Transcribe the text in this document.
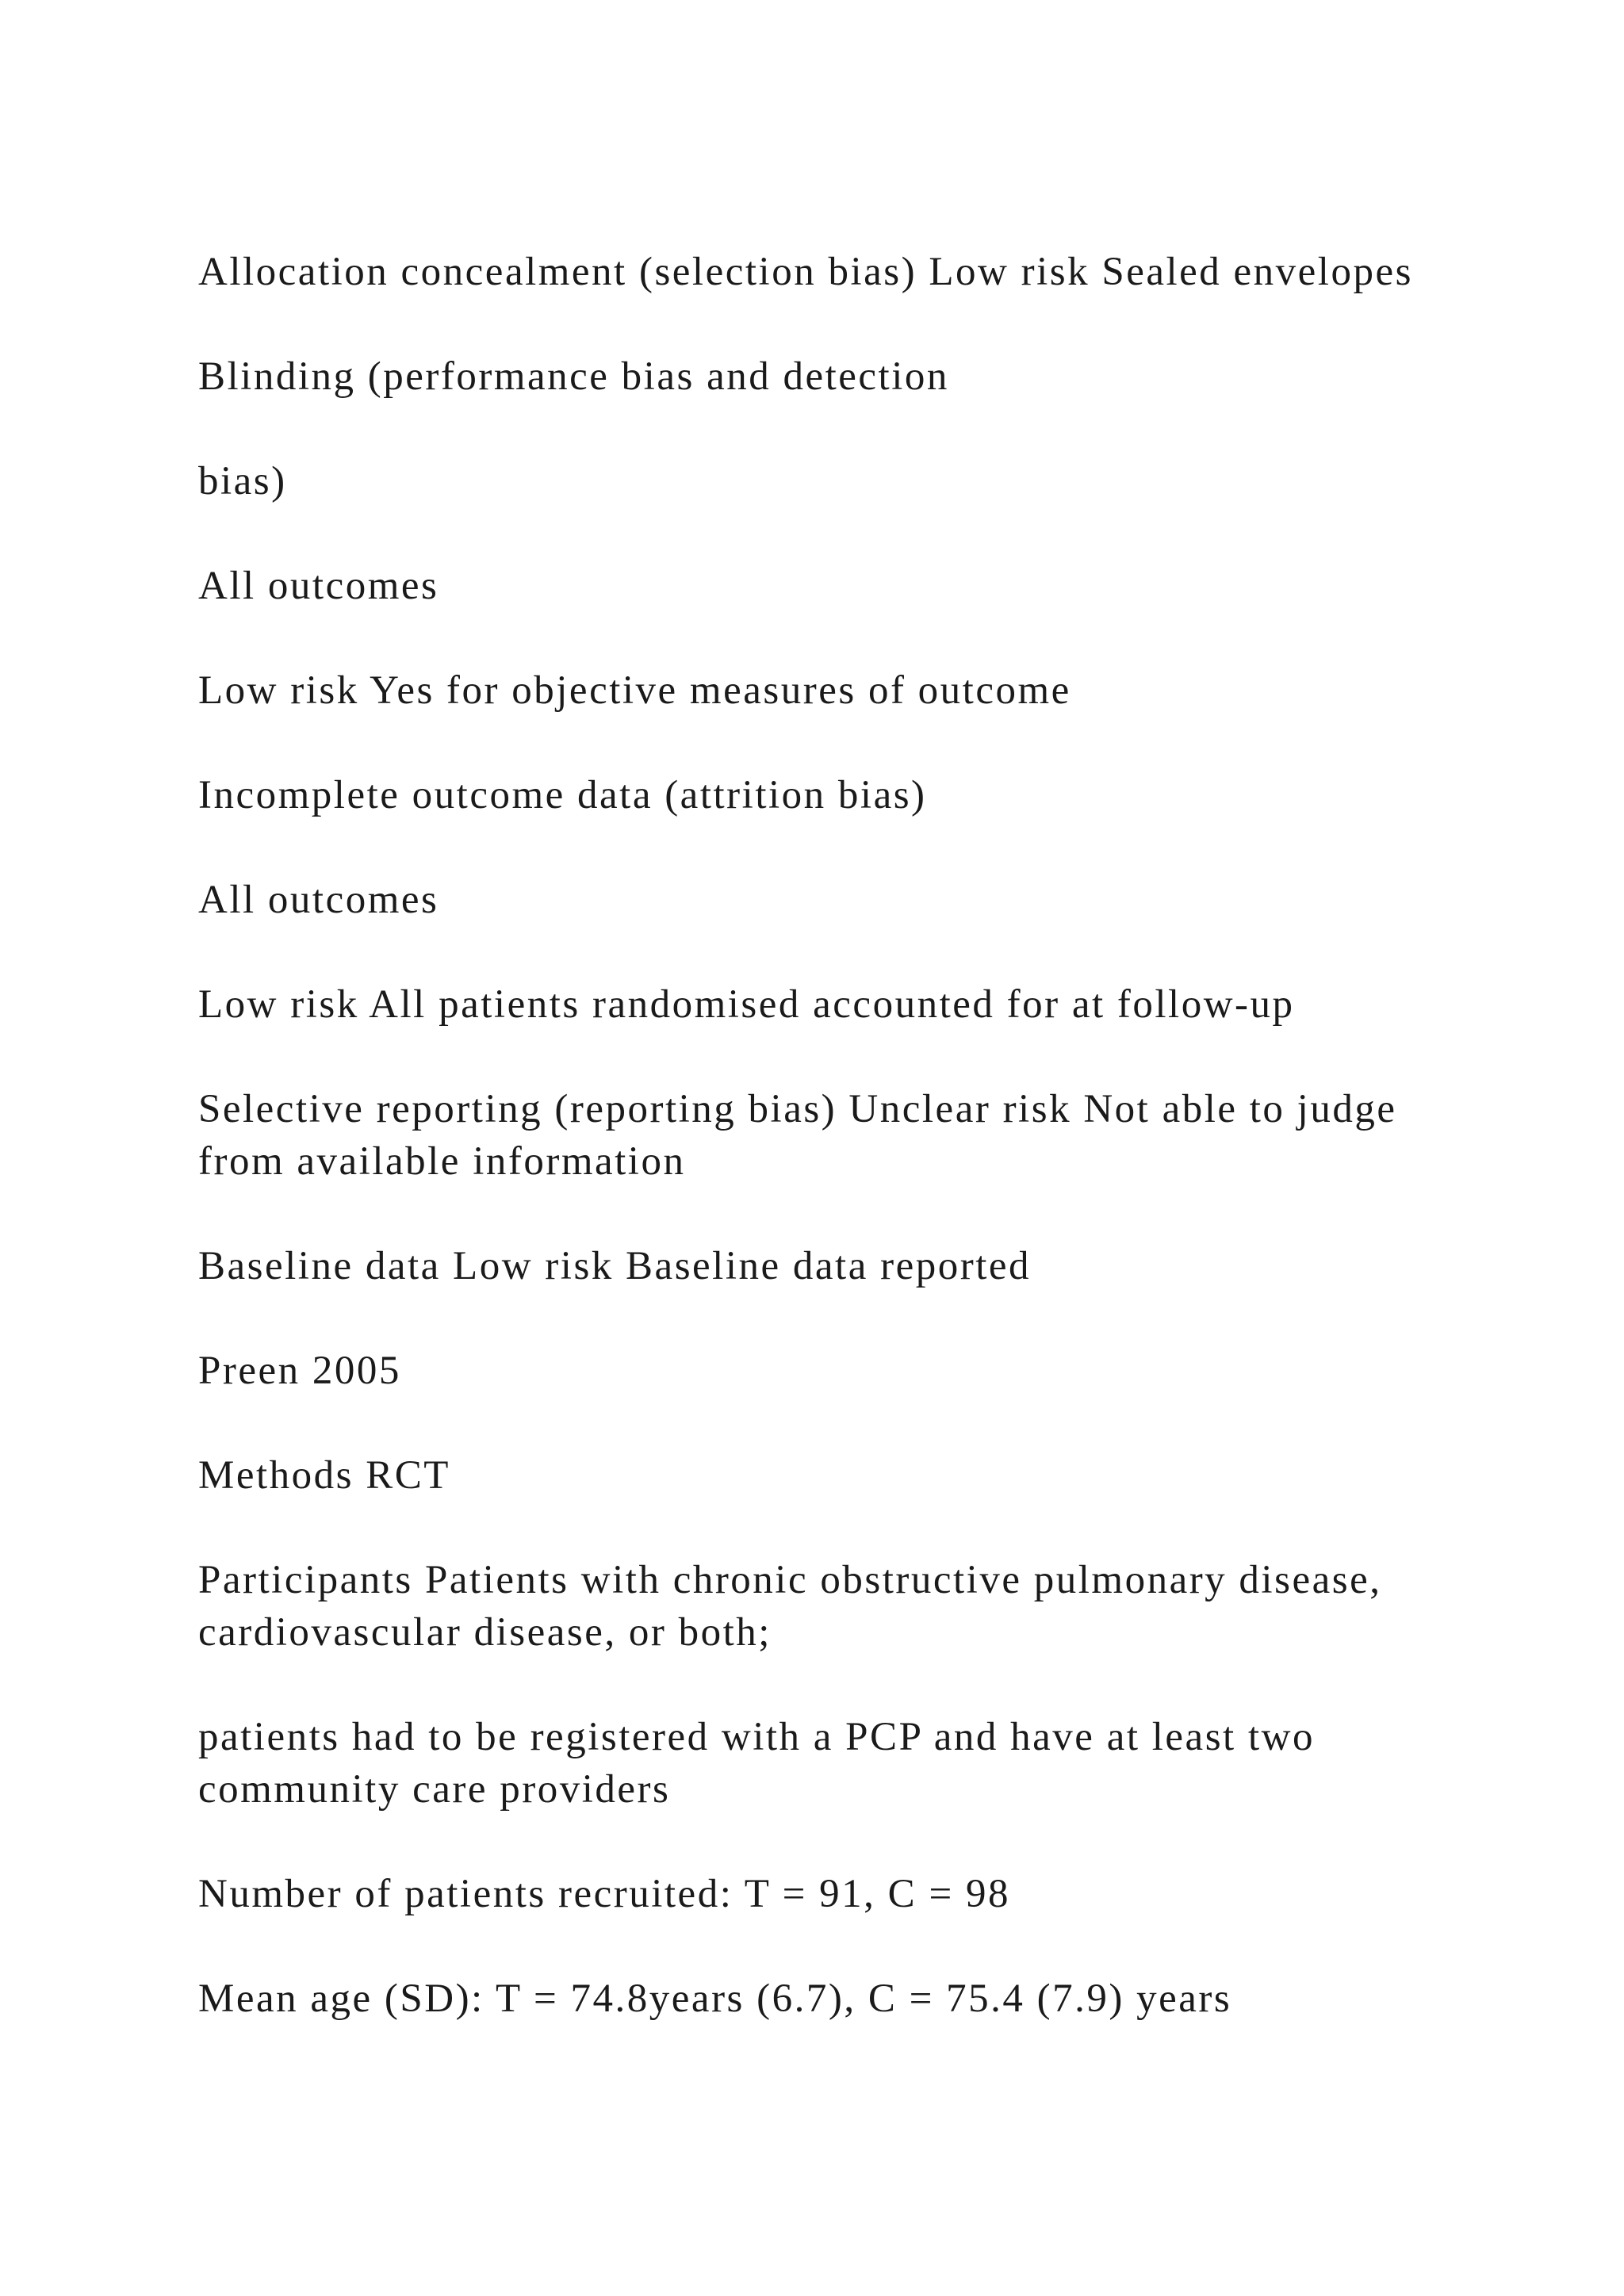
Allocation concealment (selection bias) Low risk Sealed envelopes

Blinding (performance bias and detection

bias)

All outcomes

Low risk Yes for objective measures of outcome

Incomplete outcome data (attrition bias)

All outcomes

Low risk All patients randomised accounted for at follow-up

Selective reporting (reporting bias) Unclear risk Not able to judge from available information

Baseline data Low risk Baseline data reported

Preen 2005

Methods RCT

Participants Patients with chronic obstructive pulmonary disease, cardiovascular disease, or both;

patients had to be registered with a PCP and have at least two community care providers

Number of patients recruited: T = 91, C = 98

Mean age (SD): T = 74.8years (6.7), C = 75.4 (7.9) years
